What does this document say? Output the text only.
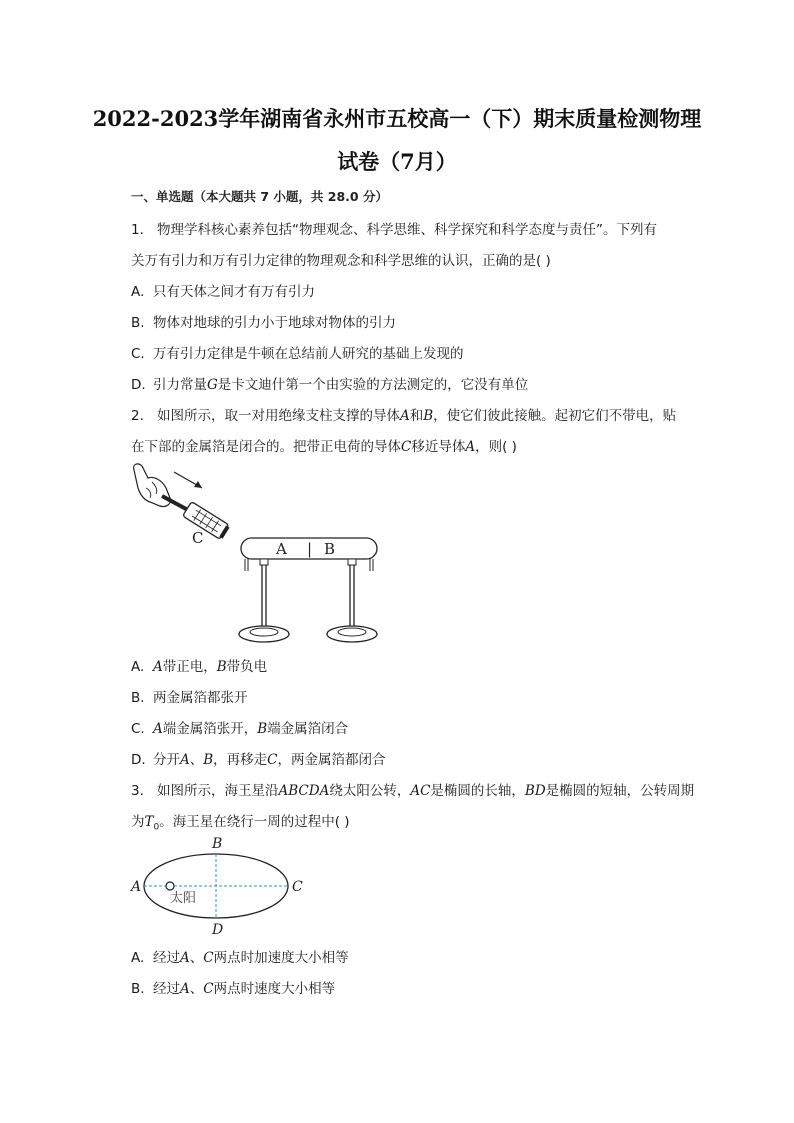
2022-2023学年湖南省永州市五校高一（下）期末质量检测物理
试卷（7月）
一、单选题（本大题共 7 小题，共 28.0 分）
1. 物理学科核心素养包括“物理观念、科学思维、科学探究和科学态度与责任”。下列有
关万有引力和万有引力定律的物理观念和科学思维的认识，正确的是( )
A. 只有天体之间才有万有引力
B. 物体对地球的引力小于地球对物体的引力
C. 万有引力定律是牛顿在总结前人研究的基础上发现的
D. 引力常量G是卡文迪什第一个由实验的方法测定的，它没有单位
2. 如图所示，取一对用绝缘支柱支撑的导体A和B，使它们彼此接触。起初它们不带电，贴
在下部的金属箔是闭合的。把带正电荷的导体C移近导体A，则( )
C
A | B
A. A带正电，B带负电
B. 两金属箔都张开
C. A端金属箔张开，B端金属箔闭合
D. 分开A、B，再移走C，两金属箔都闭合
3. 如图所示，海王星沿ABCDA绕太阳公转，AC是椭圆的长轴，BD是椭圆的短轴，公转周期
为$T_0$。海王星在绕行一周的过程中( )
太阳
A
B
C
D
A. 经过A、C两点时加速度大小相等
B. 经过A、C两点时速度大小相等
